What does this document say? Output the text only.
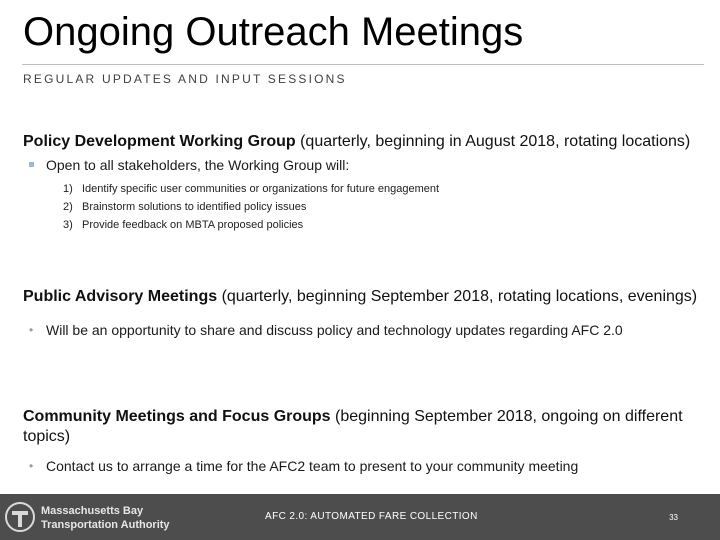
Ongoing Outreach Meetings
REGULAR UPDATES AND INPUT SESSIONS
Policy Development Working Group (quarterly, beginning in August 2018, rotating locations)
Open to all stakeholders, the Working Group will:
1) Identify specific user communities or organizations for future engagement
2) Brainstorm solutions to identified policy issues
3) Provide feedback on MBTA proposed policies
Public Advisory Meetings (quarterly, beginning September 2018, rotating locations, evenings)
• Will be an opportunity to share and discuss policy and technology updates regarding AFC 2.0
Community Meetings and Focus Groups (beginning September 2018, ongoing on different topics)
• Contact us to arrange a time for the AFC2 team to present to your community meeting
Massachusetts Bay
Transportation Authority
AFC 2.0: AUTOMATED FARE COLLECTION	33
